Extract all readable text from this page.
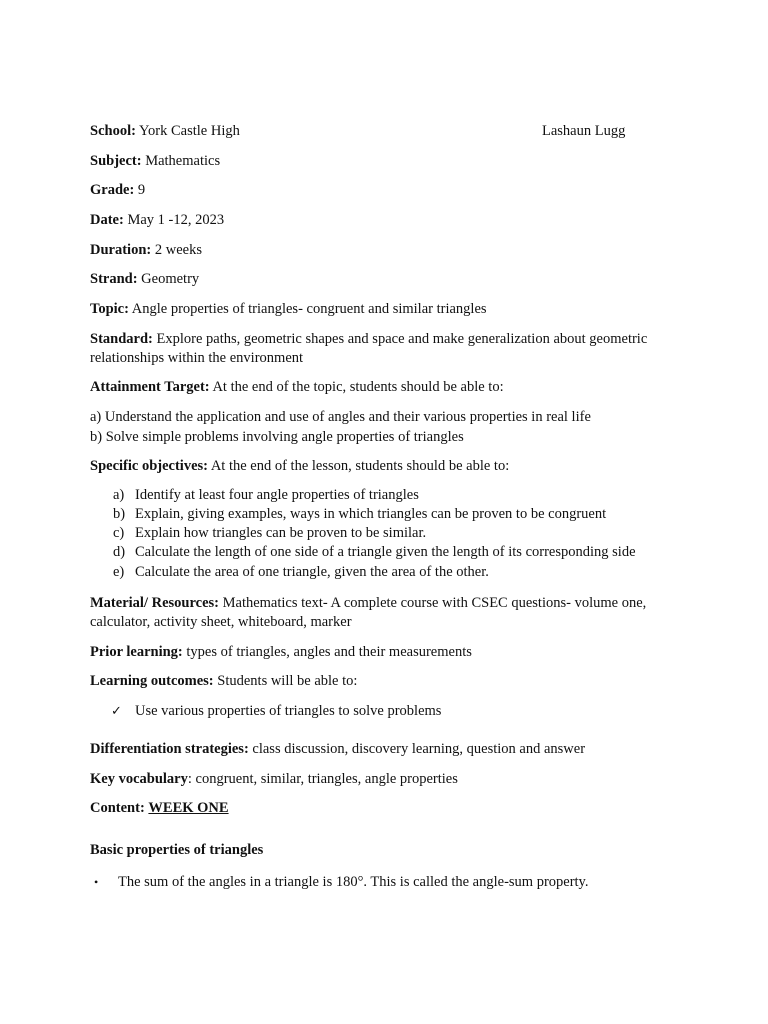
School: York Castle High	Lashaun Lugg
Subject: Mathematics
Grade: 9
Date: May 1 -12, 2023
Duration: 2 weeks
Strand: Geometry
Topic: Angle properties of triangles- congruent and similar triangles
Standard: Explore paths, geometric shapes and space and make generalization about geometric relationships within the environment
Attainment Target: At the end of the topic, students should be able to:
a) Understand the application and use of angles and their various properties in real life
b) Solve simple problems involving angle properties of triangles
Specific objectives: At the end of the lesson, students should be able to:
a) Identify at least four angle properties of triangles
b) Explain, giving examples, ways in which triangles can be proven to be congruent
c) Explain how triangles can be proven to be similar.
d) Calculate the length of one side of a triangle given the length of its corresponding side
e) Calculate the area of one triangle, given the area of the other.
Material/ Resources: Mathematics text- A complete course with CSEC questions- volume one, calculator, activity sheet, whiteboard, marker
Prior learning: types of triangles, angles and their measurements
Learning outcomes: Students will be able to:
✓ Use various properties of triangles to solve problems
Differentiation strategies: class discussion, discovery learning, question and answer
Key vocabulary: congruent, similar, triangles, angle properties
Content: WEEK ONE
Basic properties of triangles
• The sum of the angles in a triangle is 180°. This is called the angle-sum property.
